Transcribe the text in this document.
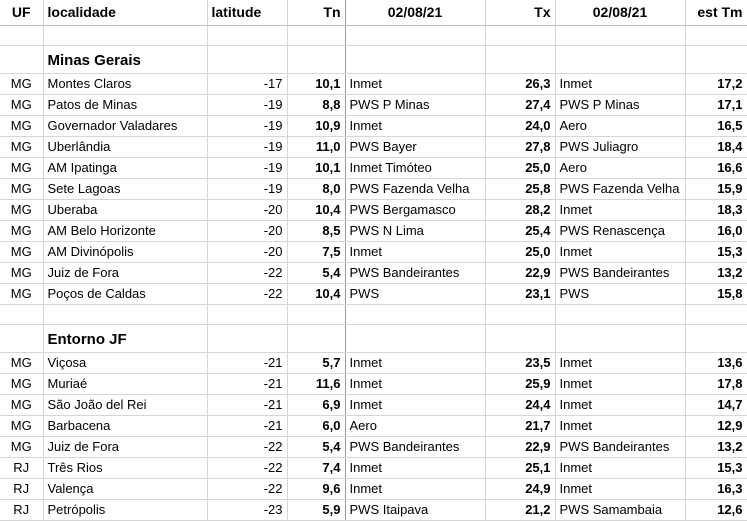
UF	localidade	latitude	Tn	02/08/21	Tx	02/08/21	est Tm

	Minas Gerais						
MG	Montes Claros	-17	10,1	Inmet	26,3	Inmet	17,2
MG	Patos de Minas	-19	8,8	PWS P Minas	27,4	PWS P Minas	17,1
MG	Governador Valadares	-19	10,9	Inmet	24,0	Aero	16,5
MG	Uberlândia	-19	11,0	PWS Bayer	27,8	PWS Juliagro	18,4
MG	AM Ipatinga	-19	10,1	Inmet Timóteo	25,0	Aero	16,6
MG	Sete Lagoas	-19	8,0	PWS Fazenda Velha	25,8	PWS Fazenda Velha	15,9
MG	Uberaba	-20	10,4	PWS Bergamasco	28,2	Inmet	18,3
MG	AM Belo Horizonte	-20	8,5	PWS N Lima	25,4	PWS Renascença	16,0
MG	AM Divinópolis	-20	7,5	Inmet	25,0	Inmet	15,3
MG	Juiz de Fora	-22	5,4	PWS Bandeirantes	22,9	PWS Bandeirantes	13,2
MG	Poços de Caldas	-22	10,4	PWS	23,1	PWS	15,8

	Entorno JF						
MG	Viçosa	-21	5,7	Inmet	23,5	Inmet	13,6
MG	Muriaé	-21	11,6	Inmet	25,9	Inmet	17,8
MG	São João del Rei	-21	6,9	Inmet	24,4	Inmet	14,7
MG	Barbacena	-21	6,0	Aero	21,7	Inmet	12,9
MG	Juiz de Fora	-22	5,4	PWS Bandeirantes	22,9	PWS Bandeirantes	13,2
RJ	Três Rios	-22	7,4	Inmet	25,1	Inmet	15,3
RJ	Valença	-22	9,6	Inmet	24,9	Inmet	16,3
RJ	Petrópolis	-23	5,9	PWS Itaipava	21,2	PWS Samambaia	12,6
